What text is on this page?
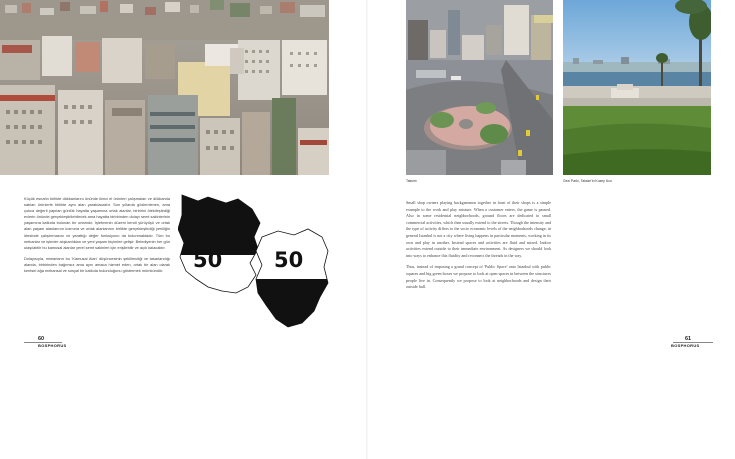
Küçük esnafın birlikte dükkanlarını önünde ikinci el ürünleri çalışmaları ve dükkanda satılan ürünlerle birlikte aynı alan yaratılacaktır. Son yıllarda gözlemlenen, ama çokca değerli yapılan günlük hayatta yaşamına ortak alanlar, birbirini ötekileştirdiği evlerin önünde gerçekleştirilebilecek ama hayatta birbirinden dolayı semt sakinlerinin yaşamına katkıda bulunan bir ortamdır. İşletmenin düzeni kendi yürüyüşü ve ortak alan yaşam alanlarının kısmına ve ortak alanlarının birlikte gerçekleştirdiği yeniliğin ötesinde çalıştırmasını ve yarattığı değer fonksiyonu da bulunmaktadır. Tüm bu mekanlar ve işlevler alışkanlıkları ve yeni yaşam biçimleri gelişir. Belediyenin her gün ulaşılabilir bu kamusal alanlar yerel semt sakinleri için erişilebilir ve açık kalacaktır.

Dolayısıyla, mimarların bu 'Kamusal Alan' düşüncesinin şekillendiği ve tasarlandığı alanda, birbirinden bağımsız ama aynı amaca hizmet eden, ortak bir alan olarak kentsel ağa mekansal ve sosyal bir katkıda bulunduğunu göstermek mümkündür.	50 50
60
BOSPHORUS
Taksim	Gezi Parkı, Taksim'in Kuzey Ucu

Small shop owners playing backgammon together in front of their shops is a simple example to the work and play mixture. When a customer enters, the game is paused. Also in some residential neighborhoods, ground floors are dedicated to small commercial activities, which then usually extend to the streets. Though the intensity and the type of activity differs to the socio economic levels of the neighborhoods change, in general Istanbul is not a city where living happens in particular moments, working in its own and play in another. Instead spaces and activities are fluid and mixed. Indoor activities extend outside to their immediate environment. As designers we should look into ways to enhance this fluidity and reconnect the threads in the way.

Thus, instead of imposing a grand concept of 'Public Space' onto Istanbul with public squares and big green boxes we propose to look at open spaces in between the structures people live in. Consequently we propose to look at neighborhoods and design their outside hall.

61
BOSPHORUS
